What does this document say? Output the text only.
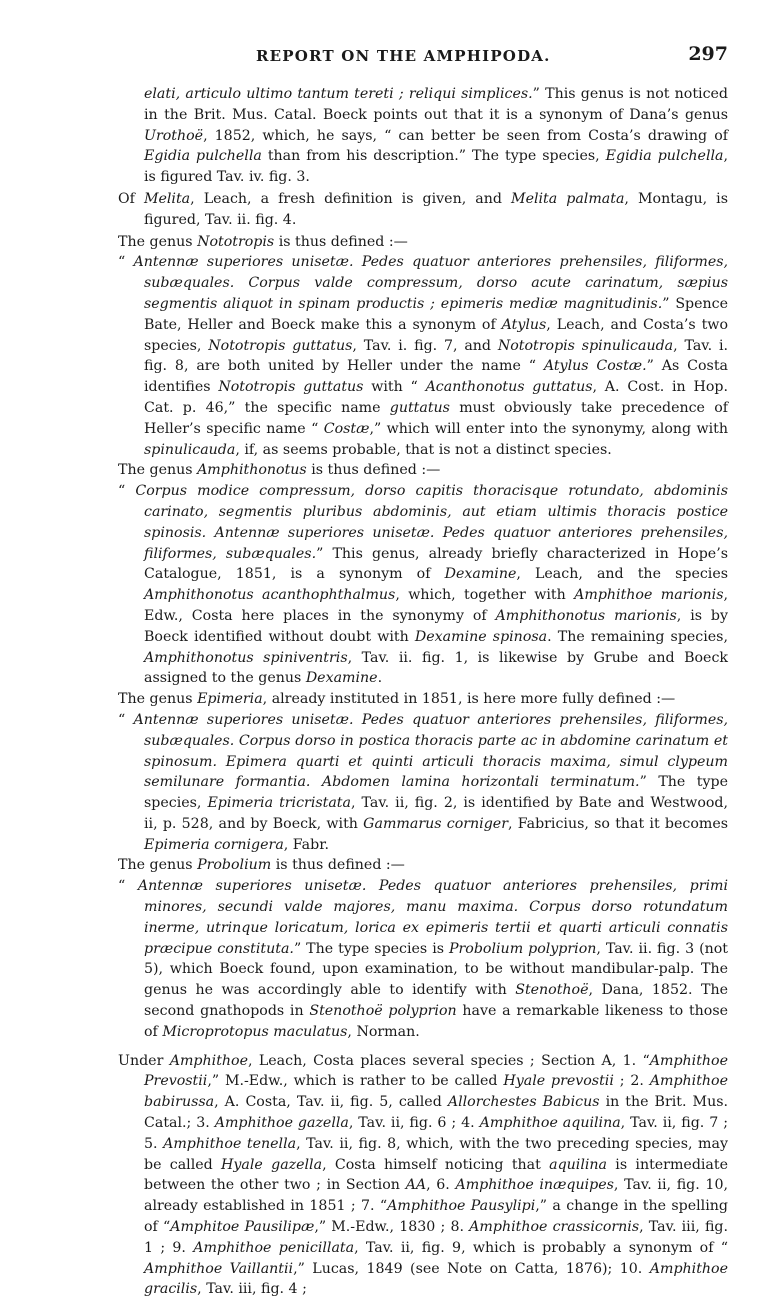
REPORT ON THE AMPHIPODA.	297

elati, articulo ultimo tantum tereti ; reliqui simplices.” This genus is not noticed in the Brit. Mus. Catal. Boeck points out that it is a synonym of Dana’s genus Urothoë, 1852, which, he says, “ can better be seen from Costa’s drawing of Egidia pulchella than from his description.” The type species, Egidia pulchella, is figured Tav. iv. fig. 3.

Of Melita, Leach, a fresh definition is given, and Melita palmata, Montagu, is figured, Tav. ii. fig. 4.

The genus Nototropis is thus defined :—

“ Antennæ superiores unisetæ. Pedes quatuor anteriores prehensiles, filiformes, subæquales. Corpus valde compressum, dorso acute carinatum, sæpius segmentis aliquot in spinam productis ; epimeris mediæ magnitudinis.” Spence Bate, Heller and Boeck make this a synonym of Atylus, Leach, and Costa’s two species, Nototropis guttatus, Tav. i. fig. 7, and Nototropis spinulicauda, Tav. i. fig. 8, are both united by Heller under the name “ Atylus Costæ.” As Costa identifies Nototropis guttatus with “ Acanthonotus guttatus, A. Cost. in Hop. Cat. p. 46,” the specific name guttatus must obviously take precedence of Heller’s specific name “ Costæ,” which will enter into the synonymy, along with spinulicauda, if, as seems probable, that is not a distinct species.

The genus Amphithonotus is thus defined :—

“ Corpus modice compressum, dorso capitis thoracisque rotundato, abdominis carinato, segmentis pluribus abdominis, aut etiam ultimis thoracis postice spinosis. Antennæ superiores unisetæ. Pedes quatuor anteriores prehensiles, filiformes, subæquales.” This genus, already briefly characterized in Hope’s Catalogue, 1851, is a synonym of Dexamine, Leach, and the species Amphithonotus acanthophthalmus, which, together with Amphithoe marionis, Edw., Costa here places in the synonymy of Amphithonotus marionis, is by Boeck identified without doubt with Dexamine spinosa. The remaining species, Amphithonotus spiniventris, Tav. ii. fig. 1, is likewise by Grube and Boeck assigned to the genus Dexamine.

The genus Epimeria, already instituted in 1851, is here more fully defined :—

“ Antennæ superiores unisetæ. Pedes quatuor anteriores prehensiles, filiformes, subæquales. Corpus dorso in postica thoracis parte ac in abdomine carinatum et spinosum. Epimera quarti et quinti articuli thoracis maxima, simul clypeum semilunare formantia. Abdomen lamina horizontali terminatum.” The type species, Epimeria tricristata, Tav. ii, fig. 2, is identified by Bate and Westwood, ii, p. 528, and by Boeck, with Gammarus corniger, Fabricius, so that it becomes Epimeria cornigera, Fabr.

The genus Probolium is thus defined :—

“ Antennæ superiores unisetæ. Pedes quatuor anteriores prehensiles, primi minores, secundi valde majores, manu maxima. Corpus dorso rotundatum inerme, utrinque loricatum, lorica ex epimeris tertii et quarti articuli connatis præcipue constituta.” The type species is Probolium polyprion, Tav. ii. fig. 3 (not 5), which Boeck found, upon examination, to be without mandibular-palp. The genus he was accordingly able to identify with Stenothoë, Dana, 1852. The second gnathopods in Stenothoë polyprion have a remarkable likeness to those of Microprotopus maculatus, Norman.

Under Amphithoe, Leach, Costa places several species ; Section A, 1. “Amphithoe Prevostii,” M.-Edw., which is rather to be called Hyale prevostii ; 2. Amphithoe babirussa, A. Costa, Tav. ii, fig. 5, called Allorchestes Babicus in the Brit. Mus. Catal.; 3. Amphithoe gazella, Tav. ii, fig. 6 ; 4. Amphithoe aquilina, Tav. ii, fig. 7 ; 5. Amphithoe tenella, Tav. ii, fig. 8, which, with the two preceding species, may be called Hyale gazella, Costa himself noticing that aquilina is intermediate between the other two ; in Section AA, 6. Amphithoe inæquipes, Tav. ii, fig. 10, already established in 1851 ; 7. “Amphithoe Pausylipi,” a change in the spelling of “Amphitoe Pausilipæ,” M.-Edw., 1830 ; 8. Amphithoe crassicornis, Tav. iii, fig. 1 ; 9. Amphithoe penicillata, Tav. ii, fig. 9, which is probably a synonym of “ Amphithoe Vaillantii,” Lucas, 1849 (see Note on Catta, 1876); 10. Amphithoe gracilis, Tav. iii, fig. 4 ;
